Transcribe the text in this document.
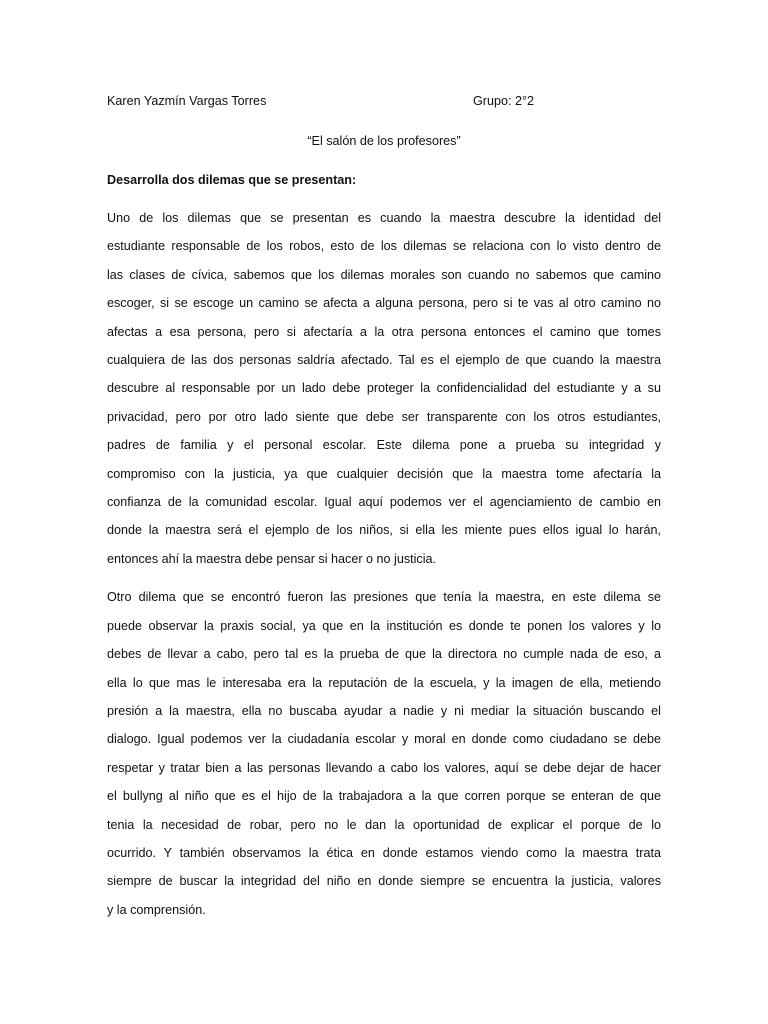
Karen Yazmín Vargas Torres	Grupo: 2°2
“El salón de los profesores”
Desarrolla dos dilemas que se presentan:
Uno de los dilemas que se presentan es cuando la maestra descubre la identidad del
estudiante responsable de los robos, esto de los dilemas se relaciona con lo visto dentro de
las clases de cívica, sabemos que los dilemas morales son cuando no sabemos que camino
escoger, si se escoge un camino se afecta a alguna persona, pero si te vas al otro camino no
afectas a esa persona, pero si afectaría a la otra persona entonces el camino que tomes
cualquiera de las dos personas saldría afectado. Tal es el ejemplo de que cuando la maestra
descubre al responsable por un lado debe proteger la confidencialidad del estudiante y a su
privacidad, pero por otro lado siente que debe ser transparente con los otros estudiantes,
padres de familia y el personal escolar. Este dilema pone a prueba su integridad y
compromiso con la justicia, ya que cualquier decisión que la maestra tome afectaría la
confianza de la comunidad escolar. Igual aquí podemos ver el agenciamiento de cambio en
donde la maestra será el ejemplo de los niños, si ella les miente pues ellos igual lo harán,
entonces ahí la maestra debe pensar si hacer o no justicia.
Otro dilema que se encontró fueron las presiones que tenía la maestra, en este dilema se
puede observar la praxis social, ya que en la institución es donde te ponen los valores y lo
debes de llevar a cabo, pero tal es la prueba de que la directora no cumple nada de eso, a
ella lo que mas le interesaba era la reputación de la escuela, y la imagen de ella, metiendo
presión a la maestra, ella no buscaba ayudar a nadie y ni mediar la situación buscando el
dialogo. Igual podemos ver la ciudadanía escolar y moral en donde como ciudadano se debe
respetar y tratar bien a las personas llevando a cabo los valores, aquí se debe dejar de hacer
el bullyng al niño que es el hijo de la trabajadora a la que corren porque se enteran de que
tenia la necesidad de robar, pero no le dan la oportunidad de explicar el porque de lo
ocurrido. Y también observamos la ética en donde estamos viendo como la maestra trata
siempre de buscar la integridad del niño en donde siempre se encuentra la justicia, valores
y la comprensión.
